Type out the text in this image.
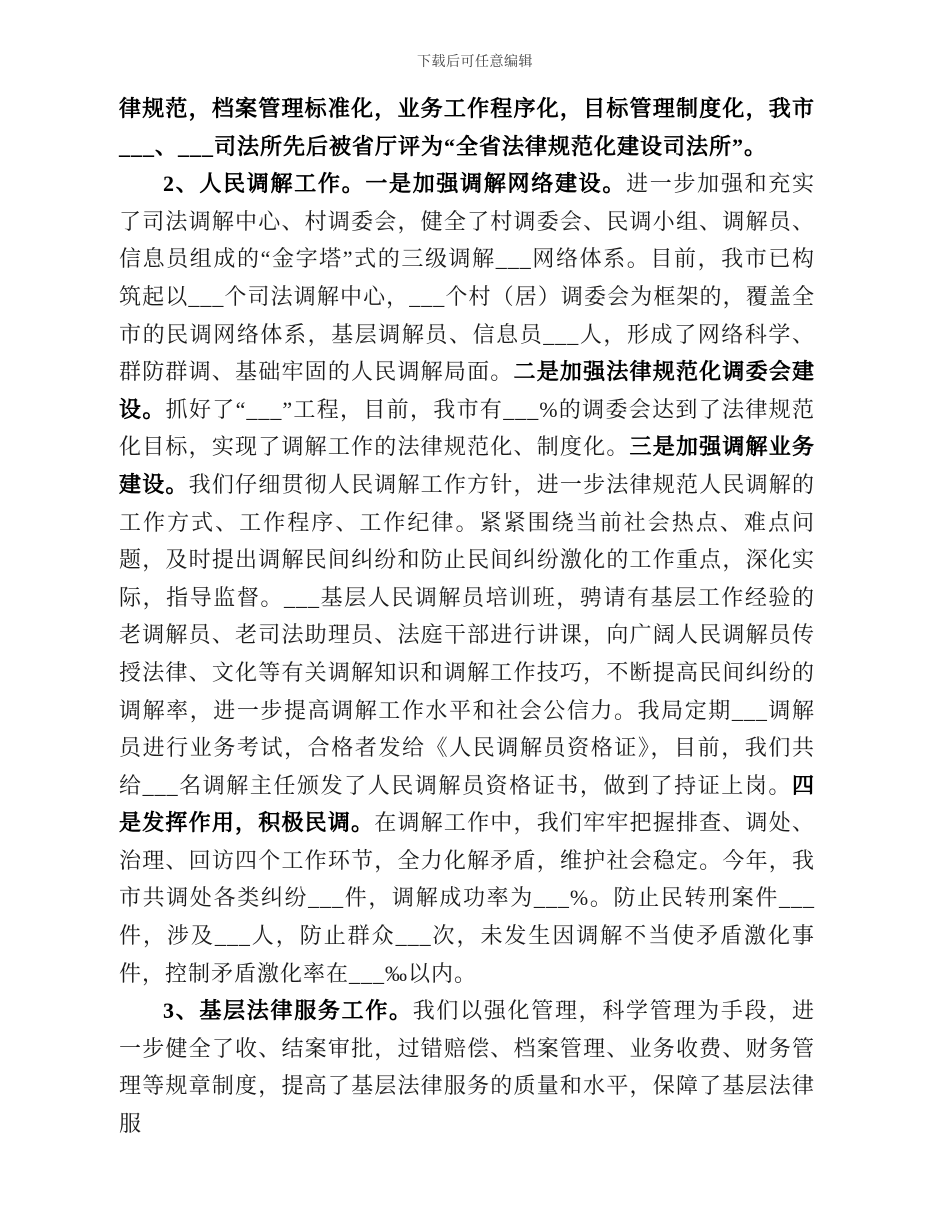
下载后可任意编辑

律规范，档案管理标准化，业务工作程序化，目标管理制度化，我市___、___司法所先后被省厅评为“全省法律规范化建设司法所”。

2、人民调解工作。一是加强调解网络建设。进一步加强和充实了司法调解中心、村调委会，健全了村调委会、民调小组、调解员、信息员组成的“金字塔”式的三级调解___网络体系。目前，我市已构筑起以___个司法调解中心，___个村（居）调委会为框架的，覆盖全市的民调网络体系，基层调解员、信息员___人，形成了网络科学、群防群调、基础牢固的人民调解局面。二是加强法律规范化调委会建设。抓好了“___”工程，目前，我市有___%的调委会达到了法律规范化目标，实现了调解工作的法律规范化、制度化。三是加强调解业务建设。我们仔细贯彻人民调解工作方针，进一步法律规范人民调解的工作方式、工作程序、工作纪律。紧紧围绕当前社会热点、难点问题，及时提出调解民间纠纷和防止民间纠纷激化的工作重点，深化实际，指导监督。___基层人民调解员培训班，骋请有基层工作经验的老调解员、老司法助理员、法庭干部进行讲课，向广阔人民调解员传授法律、文化等有关调解知识和调解工作技巧，不断提高民间纠纷的调解率，进一步提高调解工作水平和社会公信力。我局定期___调解员进行业务考试，合格者发给《人民调解员资格证》，目前，我们共给___名调解主任颁发了人民调解员资格证书，做到了持证上岗。四是发挥作用，积极民调。在调解工作中，我们牢牢把握排查、调处、治理、回访四个工作环节，全力化解矛盾，维护社会稳定。今年，我市共调处各类纠纷___件，调解成功率为___%。防止民转刑案件___件，涉及___人，防止群众___次，未发生因调解不当使矛盾激化事件，控制矛盾激化率在___‰以内。

3、基层法律服务工作。我们以强化管理，科学管理为手段，进一步健全了收、结案审批，过错赔偿、档案管理、业务收费、财务管理等规章制度，提高了基层法律服务的质量和水平，保障了基层法律服
